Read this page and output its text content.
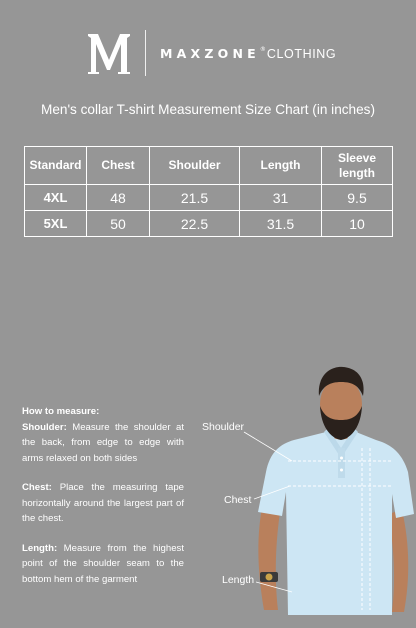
MAXZONE®CLOTHING
Men's collar T-shirt Measurement Size Chart (in inches)
Standard	Chest	Shoulder	Length	Sleeve length
4XL	48	21.5	31	9.5
5XL	50	22.5	31.5	10
How to measure:

Shoulder: Measure the shoulder at the back, from edge to edge with arms relaxed on both sides

Chest: Place the measuring tape horizontally around the largest part of the chest.

Length: Measure from the highest point of the shoulder seam to the bottom hem of the garment

Shoulder
Chest
Length
